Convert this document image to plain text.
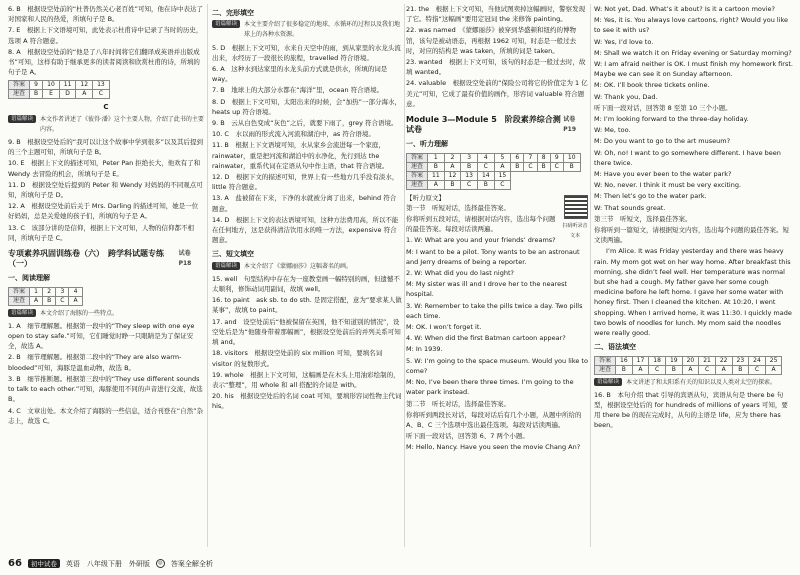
6. B　根据设空处前的“杜普仍然关心老百姓”可知，他在诗中表达了对国家和人民的热爱，所填句子是 B。

7. E　根据上下文语境可知，此处表示杜甫诗中记录了当时的历史，选项 A 符合题意。

8. A　根据设空处前的“他是了八年时间将它们翻译成英语并出版成书”可知，这样有助于继承更多的读者阅读和欣赏杜甫的诗，所填的句子是 A。

答案	9	10	11	12	13
速查	B	E	D	A	C
C
语篇解读	本文作者讲述了《彼得·潘》这个主要人物，介绍了此书的主要内容。

9. B　根据设空处后的“我可以让这个故事中学到很多”以及其后提到的三个主题可知，所填句子是 B。

10. E　根据上下文的描述可知，Peter Pan 拒绝长大，他欢有了和 Wendy 去冒险的机会，所填句子是 E。

11. D　根据设空处后提到的 Peter 和 Wendy 对妈妈的不同观点可知，所填句子是 D。

12. A　根据设空处前后关于 Mrs. Darling 的描述可知，她是一位好妈妈，总是关爱她的孩子们，所填的句子是 A。

13. C　该部分讲的是信仰，根据上下文可知，人物的信仰都不相同，所填句子是 C。

专项素养巩固训练卷（六）　跨学科试题专练（一）
试卷 P18
一、阅读理解
答案	1	2	3	4
速查	A	B	C	A
语篇解读	本文介绍了海豚的一些特点。

1. A　细节理解题。根据第一段中的“They sleep with one eye open to stay safe.”可知，它们睡觉时睁一只眼睛是为了保证安全，故选 A。

2. B　细节理解题。根据第二段中的“They are also warm-blooded”可知，海豚是温血动物，故选 B。

3. B　细节推断题。根据第三段中的“They use different sounds to talk to each other.”可知，海豚使用不同的声音进行交流，故选 B。

4. C　文章出处。本文介绍了海豚的一些信息，适合刊登在“自然”杂志上，故选 C。

二、完形填空
语篇解读	本文主要介绍了很多稳定的地球，水循环的过程以及我们地球上的各种水资源。

5. D　根据上下文可知，水来自天空中的雨，到从家里的水龙头流出来，水经历了一段很长的旅程，travelled 符合语境。

6. A　这种水到达家里的水龙头前方式就是供水，所填的词是 way。

7. B　地球上的大部分水都在“海洋”里，ocean 符合语境。

8. D　根据上下文可知，太阳出来的时候，会“加热”一部分海水，heats up 符合语境。

9. B　云从白色变成“灰色”之后，就要下雨了，grey 符合语境。

10. C　水以雨的形式流入河流和湖泊中，as 符合语境。

11. B　根据上下文语境可知，水从家乡会流进每一个家庭，rainwater，重是把河流和湖泊中的水净化，先行到达 the rainwater，重系代词在定语从句中作主语，that 符合语境。

12. D　根据下文的描述可知，世界上有一些地方几乎没有淡水，little 符合题意。

13. A　盐被留在下来，下净的水就被分离了出来，behind 符合题意。

14. D　根据上下文的表达语境可知，这种方法费用高，所以不能在任何地方，这是获得清洁饮用水的唯一方法，expensive 符合题意。

三、短文填空
语篇解读	本文介绍了《蒙娜丽莎》这幅著名的画。

15. well　句型结构中存在为一座教堂画一幅特别的画，但遗憾不太顺利，修饰动词用副词，故填 well。

16. to paint　ask sb. to do sth. 是固定搭配，意为“要求某人做某事”，故填 to paint。

17. and　设空处前后“他被保留在英国，他不知道别的情况”，设空处后是为“他随身带着那幅画”，根据设空处前后的并列关系可知填 and。

18. visitors　根据设空处前的 six million 可知，要填名词 visitor 的复数形式。

19. whole　根据上下文可知，这幅画是在木头上用油彩绘制的，表示“整理”，用 whole 和 all 搭配的介词是 with。

20. his　根据设空处后的名词 coat 可知，要填形容词性物主代词 his。

21. the　根据上下文可知，当他试图卖掉这幅画时，警察发现了它。特指“这幅画”要用定冠词 the 来修饰 painting。

22. was named　《蒙娜丽莎》被穿到华盛顿和纽约的博物馆，该句是被动语态，再根据 1962 可知，时态是一般过去时，对应的结构是 was taken，所填的词是 taken。

23. wanted　根据上下文可知，该句的时态是一般过去时，故填 wanted。

24. valuable　根据设空处前的“保险公司将它的价值定为 1 亿美元”可知，它成了最有价值的画作，形容词 valuable 符合题意。

Module 3—Module 5　阶段素养综合测试卷
试卷 P19
一、听力理解
答案	1	2	3	4	5	6	7	8	9	10
速查	B	A	B	C	A	B	C	B	C	B
答案	11	12	13	14	15					
速查	A	B	C	B	C					
【听力原文】
扫码听录音文本

第一节　听短对话，选择最佳答案。

你将听到五段对话，请根据对话内容，选出每个问题的最佳答案。每段对话读两遍。

1. W: What are you and your friends’ dreams?

M: I want to be a pilot. Tony wants to be an astronaut and Jerry dreams of being a reporter.

2. W: What did you do last night?

M: My sister was ill and I drove her to the nearest hospital.

3. W: Remember to take the pills twice a day. Two pills each time.

M: OK. I won’t forget it.

4. W: When did the first Batman cartoon appear?

M: In 1939.

5. W: I’m going to the space museum. Would you like to come?

M: No, I’ve been there three times. I’m going to the water park instead.

第二节　听长对话，选择最佳答案。

你将听到两段长对话，每段对话后有几个小题，从题中所给的 A、B、C 三个选项中选出最佳选项。每段对话读两遍。

听下面一段对话，回答第 6、7 两个小题。

M: Hello, Nancy. Have you seen the movie Chang An?

W: Not yet, Dad. What’s it about? Is it a cartoon movie?

M: Yes, it is. You always love cartoons, right? Would you like to see it with us?

W: Yes, I’d love to.

M: Shall we watch it on Friday evening or Saturday morning?

W: I am afraid neither is OK. I must finish my homework first. Maybe we can see it on Sunday afternoon.

M: OK. I’ll book three tickets online.

W: Thank you, Dad.

听下面一段对话，回答第 8 至第 10 三个小题。

M: I’m looking forward to the three-day holiday.

W: Me, too.

M: Do you want to go to the art museum?

W: Oh, no! I want to go somewhere different. I have been there twice.

M: Have you ever been to the water park?

W: No, never. I think it must be very exciting.

M: Then let’s go to the water park.

W: That sounds great.

第三节　听短文，选择最佳答案。

你将听到一篇短文，请根据短文内容，选出每个问题的最佳答案。短文读两遍。

I’m Alice. It was Friday yesterday and there was heavy rain. My mom got wet on her way home. After breakfast this morning, she didn’t feel well. Her temperature was normal but she had a cough. My father gave her some cough medicine before he left home. I gave her some water with honey first. Then I cleaned the kitchen. At 10:20, I went shopping. When I arrived home, it was 11:30. I quickly made two bowls of noodles for lunch. My mom said the noodles were really good.

二、语法填空
答案	16	17	18	19	20	21	22	23	24	25
速查	B	A	C	B	A	C	A	B	C	A
语篇解读	本文讲述了和太阳系有关的知识以及人类对太空的探索。

16. B　本句介绍 that 引导的宾语从句，宾语从句是 there be 句型，根据设空处后的 for hundreds of millions of years 可知，要用 there be 的现在完成时，从句的主语是 life，应为 there has been。

66	初中试卷	英语　八年级下册　外研版	◎	答案全解全析
